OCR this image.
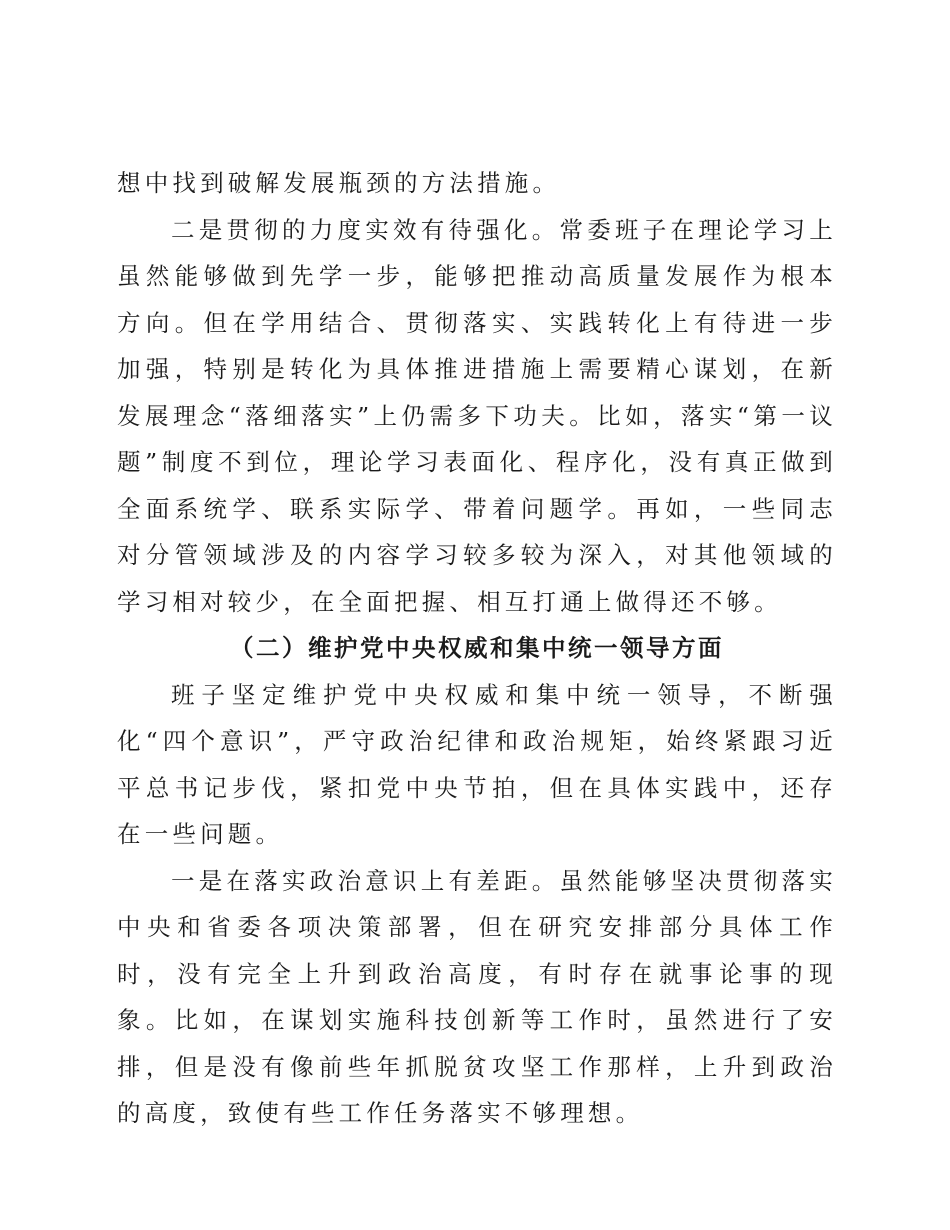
想中找到破解发展瓶颈的方法措施。

二是贯彻的力度实效有待强化。常委班子在理论学习上虽然能够做到先学一步，能够把推动高质量发展作为根本方向。但在学用结合、贯彻落实、实践转化上有待进一步加强，特别是转化为具体推进措施上需要精心谋划，在新发展理念“落细落实”上仍需多下功夫。比如，落实“第一议题”制度不到位，理论学习表面化、程序化，没有真正做到全面系统学、联系实际学、带着问题学。再如，一些同志对分管领域涉及的内容学习较多较为深入，对其他领域的学习相对较少，在全面把握、相互打通上做得还不够。

（二）维护党中央权威和集中统一领导方面

班子坚定维护党中央权威和集中统一领导，不断强化“四个意识”，严守政治纪律和政治规矩，始终紧跟习近平总书记步伐，紧扣党中央节拍，但在具体实践中，还存在一些问题。

一是在落实政治意识上有差距。虽然能够坚决贯彻落实中央和省委各项决策部署，但在研究安排部分具体工作时，没有完全上升到政治高度，有时存在就事论事的现象。比如，在谋划实施科技创新等工作时，虽然进行了安排，但是没有像前些年抓脱贫攻坚工作那样，上升到政治的高度，致使有些工作任务落实不够理想。
